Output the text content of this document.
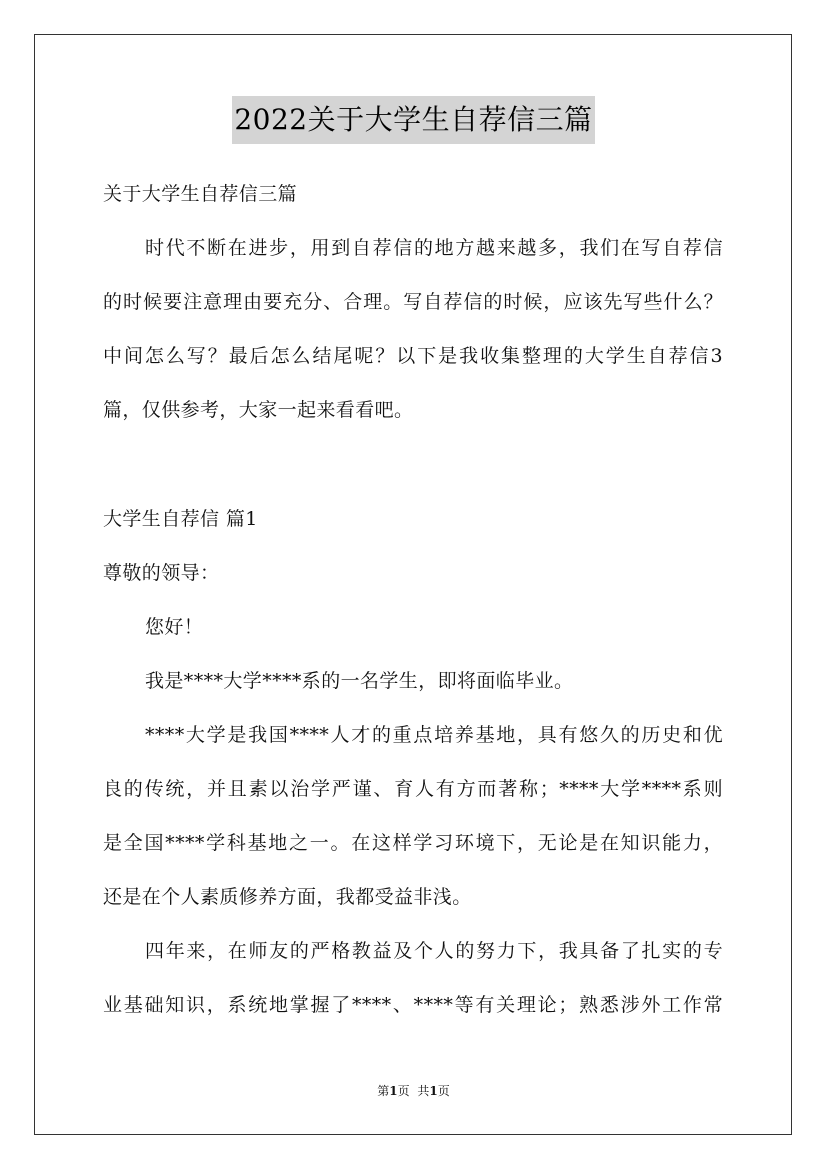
2022关于大学生自荐信三篇
关于大学生自荐信三篇
时代不断在进步，用到自荐信的地方越来越多，我们在写自荐信
的时候要注意理由要充分、合理。写自荐信的时候，应该先写些什么？
中间怎么写？最后怎么结尾呢？以下是我收集整理的大学生自荐信3
篇，仅供参考，大家一起来看看吧。
大学生自荐信 篇1
尊敬的领导：
您好！
我是****大学****系的一名学生，即将面临毕业。
****大学是我国****人才的重点培养基地，具有悠久的历史和优
良的传统，并且素以治学严谨、育人有方而著称；****大学****系则
是全国****学科基地之一。在这样学习环境下，无论是在知识能力，
还是在个人素质修养方面，我都受益非浅。
四年来，在师友的严格教益及个人的努力下，我具备了扎实的专
业基础知识，系统地掌握了****、****等有关理论；熟悉涉外工作常
第1页 共1页
